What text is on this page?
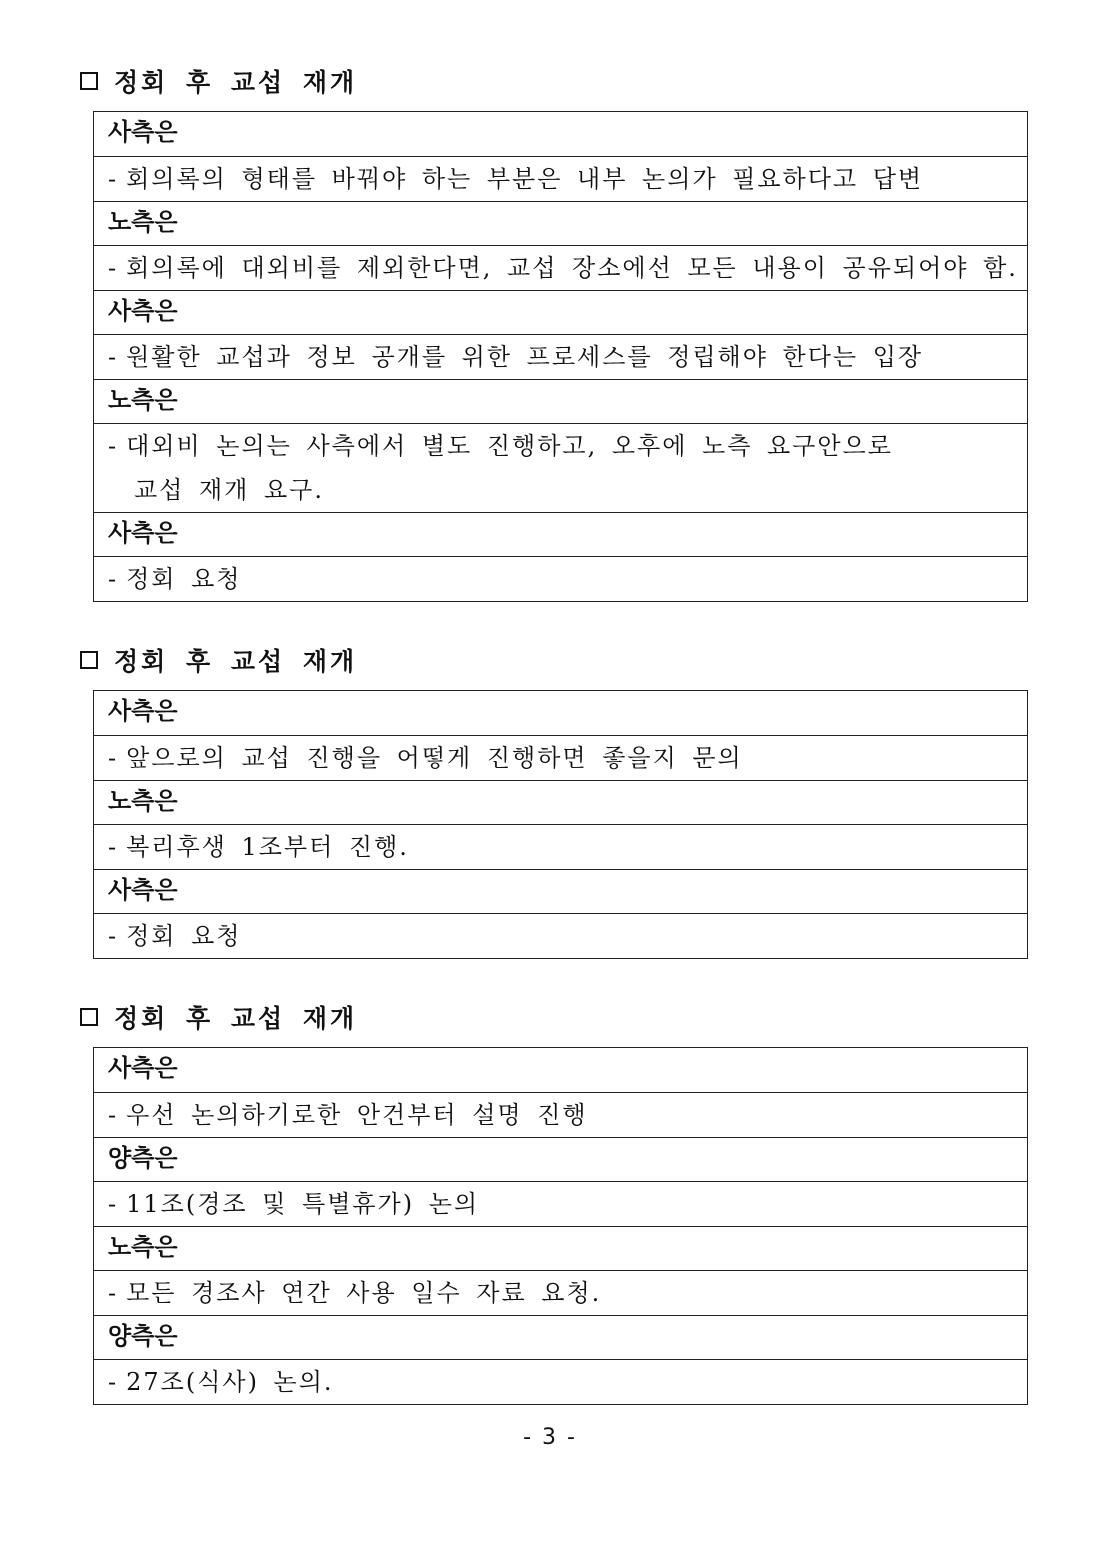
정회 후 교섭 재개
사측은
- 회의록의 형태를 바꿔야 하는 부분은 내부 논의가 필요하다고 답변
노측은
- 회의록에 대외비를 제외한다면, 교섭 장소에선 모든 내용이 공유되어야 함.
사측은
- 원활한 교섭과 정보 공개를 위한 프로세스를 정립해야 한다는 입장
노측은
- 대외비 논의는 사측에서 별도 진행하고, 오후에 노측 요구안으로
교섭 재개 요구.
사측은
- 정회 요청
정회 후 교섭 재개
사측은
- 앞으로의 교섭 진행을 어떻게 진행하면 좋을지 문의
노측은
- 복리후생 1조부터 진행.
사측은
- 정회 요청
정회 후 교섭 재개
사측은
- 우선 논의하기로한 안건부터 설명 진행
양측은
- 11조(경조 및 특별휴가) 논의
노측은
- 모든 경조사 연간 사용 일수 자료 요청.
양측은
- 27조(식사) 논의.
- 3 -
